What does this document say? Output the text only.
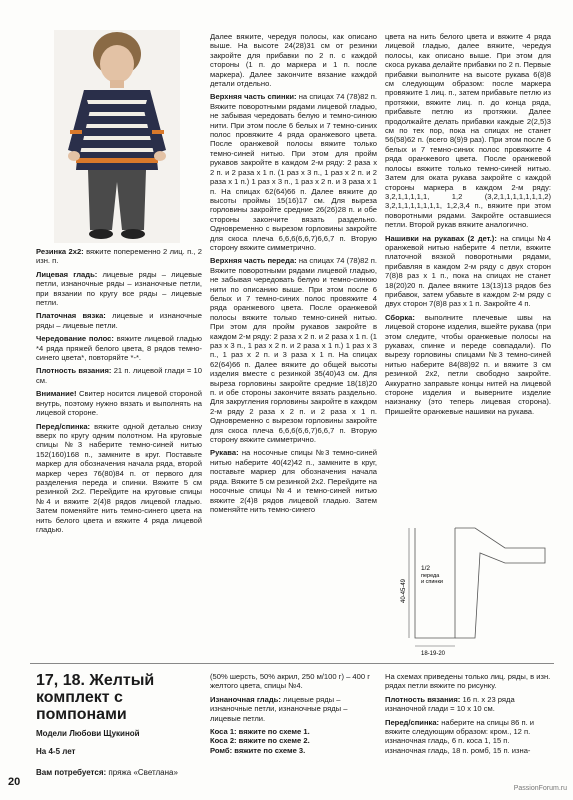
Резинка 2х2: вяжите попеременно 2 лиц. п., 2 изн. п.

Лицевая гладь: лицевые ряды – лицевые петли, изнаночные ряды – изнаночные петли, при вязании по кругу все ряды – лицевые петли.

Платочная вязка: лицевые и изнаночные ряды – лицевые петли.

Чередование полос: вяжите лицевой гладью *4 ряда пряжей белого цвета, 8 рядов темно-синего цвета*, повторяйте *-*.

Плотность вязания: 21 п. лицевой глади = 10 см.

Внимание! Свитер носится лицевой стороной внутрь, поэтому нужно вязать и выполнять на лицевой стороне.

Перед/спинка: вяжите одной деталью снизу вверх по кругу одним полотном. На круговые спицы №3 наберите темно-синей нитью 152(160)168 п., замкните в круг. Поставьте маркер для обозначения начала ряда, второй маркер через 76(80)84 п. от первого для разделения переда и спинки. Вяжите 5 см резинкой 2х2. Перейдите на круговые спицы №4 и вяжите 2(4)8 рядов лицевой гладью. Затем поменяйте нить темно-синего цвета на нить белого цвета и вяжите 4 ряда лицевой гладью.

Далее вяжите, чередуя полосы, как описано выше. На высоте 24(28)31 см от резинки закройте для прибавки по 2 п. с каждой стороны (1 п. до маркера и 1 п. после маркера). Далее закончите вязание каждой детали отдельно.

Верхняя часть спинки: на спицах 74 (78)82 п. Вяжите поворотными рядами лицевой гладью, не забывая чередовать белую и темно-синюю нити. При этом после 6 белых и 7 темно-синих полос провяжите 4 ряда оранжевого цвета. После оранжевой полосы вяжите только темно-синей нитью. При этом для пройм рукавов закройте в каждом 2-м ряду: 2 раза х 2 п. и 2 раза х 1 п. (1 раз х 3 п., 1 раз х 2 п. и 2 раза х 1 п.) 1 раз х 3 п., 1 раз х 2 п. и 3 раза х 1 п. На спицах 62(64)66 п. Далее вяжите до высоты проймы 15(16)17 см. Для выреза горловины закройте средние 26(26)28 п. и обе стороны закончите вязать раздельно. Одновременно с вырезом горловины закройте для скоса плеча 6,6,6(6,6,7)6,6,7 п. Вторую сторону вяжите симметрично.

Верхняя часть переда: на спицах 74 (78)82 п. Вяжите поворотными рядами лицевой гладью, не забывая чередовать белую и темно-синюю нити по описанию выше. При этом после 6 белых и 7 темно-синих полос провяжите 4 ряда оранжевого цвета. После оранжевой полосы вяжите только темно-синей нитью. При этом для пройм рукавов закройте в каждом 2-м ряду: 2 раза х 2 п. и 2 раза х 1 п. (1 раз х 3 п., 1 раз х 2 п. и 2 раза х 1 п.) 1 раз х 3 п., 1 раз х 2 п. и 3 раза х 1 п. На спицах 62(64)66 п. Далее вяжите до общей высоты изделия вместе с резинкой 35(40)43 см. Для выреза горловины закройте средние 18(18)20 п. и обе стороны закончите вязать раздельно. Для закругления горловины закройте в каждом 2-м ряду 2 раза х 2 п. и 2 раза х 1 п. Одновременно с вырезом горловины закройте для скоса плеча 6,6,6(6,6,7)6,6,7 п. Вторую сторону вяжите симметрично.

Рукава: на носочные спицы №3 темно-синей нитью наберите 40(42)42 п., замкните в круг, поставьте маркер для обозначения начала ряда. Вяжите 5 см резинкой 2х2. Перейдите на носочные спицы №4 и темно-синей нитью вяжите 2(4)8 рядов лицевой гладью. Затем поменяйте нить темно-синего

цвета на нить белого цвета и вяжите 4 ряда лицевой гладью, далее вяжите, чередуя полосы, как описано выше. При этом для скоса рукава делайте прибавки по 2 п. Первые прибавки выполните на высоте рукава 6(8)8 см следующим образом: после маркера провяжите 1 лиц. п., затем прибавьте петлю из протяжки, вяжите лиц. п. до конца ряда, прибавьте петлю из протяжки. Далее продолжайте делать прибавки каждые 2(2,5)3 см по тех пор, пока на спицах не станет 56(58)62 п. (всего 8(9)9 раз). При этом после 6 белых и 7 темно-синих полос провяжите 4 ряда оранжевого цвета. После оранжевой полосы вяжите только темно-синей нитью. Затем для оката рукава закройте с каждой стороны маркера в каждом 2-м ряду: 3,2,1,1,1,1,1, 1,2 (3,2,1,1,1,1,1,1,1,2) 3,2,1,1,1,1,1,1,1, 1,2,3,4 п., вяжите при этом поворотными рядами. Закройте оставшиеся петли. Второй рукав вяжите аналогично.

Нашивки на рукавах (2 дет.): на спицы №4 оранжевой нитью наберите 4 петли, вяжите платочной вязкой поворотными рядами, прибавляя в каждом 2-м ряду с двух сторон 7(8)8 раз х 1 п., пока на спицах не станет 18(20)20 п. Далее вяжите 13(13)13 рядов без прибавок, затем убавьте в каждом 2-м ряду с двух сторон 7(8)8 раз х 1 п. Закройте 4 п.

Сборка: выполните плечевые швы на лицевой стороне изделия, вшейте рукава (при этом следите, чтобы оранжевые полосы на рукавах, спинке и переде совпадали). По вырезу горловины спицами №3 темно-синей нитью наберите 84(88)92 п. и вяжите 3 см резинкой 2х2, петли свободно закройте. Аккуратно заправьте концы нитей на лицевой стороне изделия и выверните изделие наизнанку (это теперь лицевая сторона). Пришейте оранжевые нашивки на рукава.

40-45-49
1/2
переда
и спинки
18-19-20
17, 18. Желтый комплект с помпонами
Модели Любови Щукиной
На 4-5 лет
Вам потребуется: пряжа «Светлана»

(50% шерсть, 50% акрил, 250 м/100 г) – 400 г желтого цвета, спицы №4.

Изнаночная гладь: лицевые ряды – изнаночные петли, изнаночные ряды – лицевые петли.

Коса 1: вяжите по схеме 1.

Коса 2: вяжите по схеме 2.

Ромб: вяжите по схеме 3.

На схемах приведены только лиц. ряды, в изн. рядах петли вяжите по рисунку.

Плотность вязания: 16 п. х 23 ряда изнаночной глади = 10 х 10 см.

Перед/спинка: наберите на спицы 86 п. и вяжите следующим образом: кром., 12 п. изнаночная гладь, 6 п. коса 1, 15 п. изнаночная гладь, 18 п. ромб, 15 п. изна-

20
PassionForum.ru
